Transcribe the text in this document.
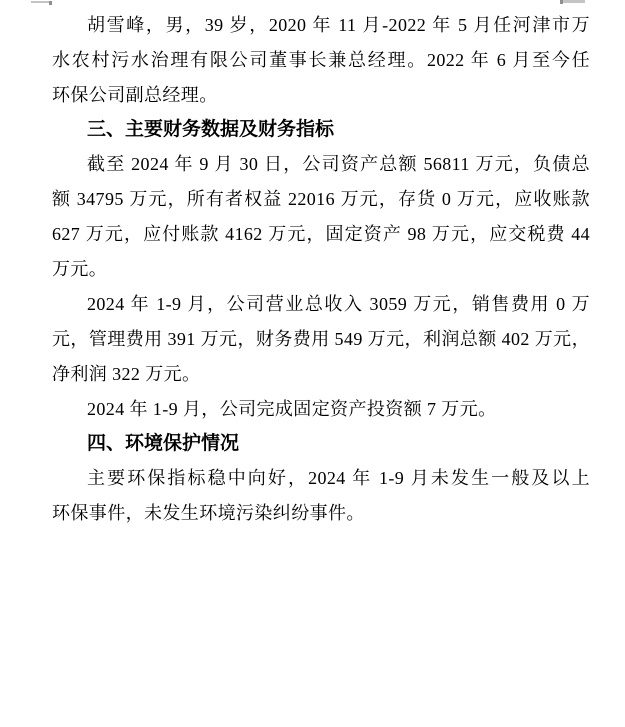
胡雪峰，男，39 岁，2020 年 11 月-2022 年 5 月任河津市万
水农村污水治理有限公司董事长兼总经理。2022 年 6 月至今任
环保公司副总经理。
三、主要财务数据及财务指标
截至 2024 年 9 月 30 日，公司资产总额 56811 万元，负债总
额 34795 万元，所有者权益 22016 万元，存货 0 万元，应收账款
627 万元，应付账款 4162 万元，固定资产 98 万元，应交税费 44
万元。
2024 年 1-9 月，公司营业总收入 3059 万元，销售费用 0 万
元，管理费用 391 万元，财务费用 549 万元，利润总额 402 万元，
净利润 322 万元。
2024 年 1-9 月，公司完成固定资产投资额 7 万元。
四、环境保护情况
主要环保指标稳中向好，2024 年 1-9 月未发生一般及以上
环保事件，未发生环境污染纠纷事件。
